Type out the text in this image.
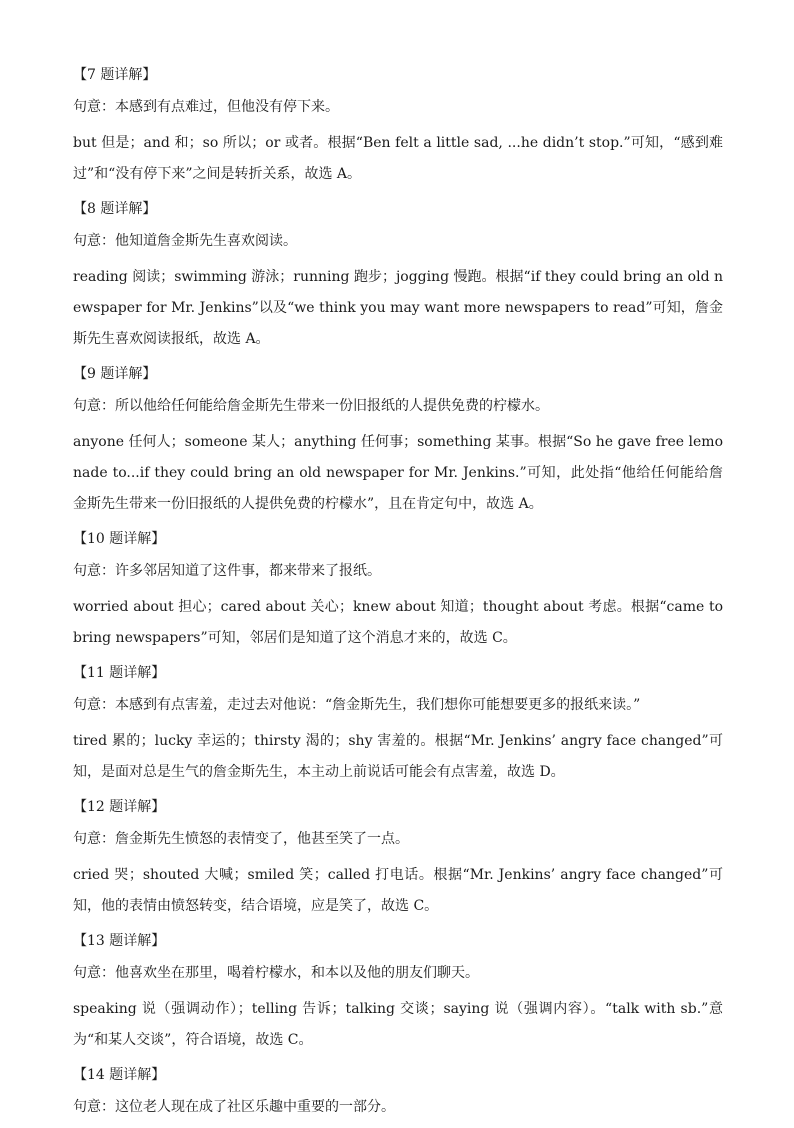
【7 题详解】

句意：本感到有点难过，但他没有停下来。

but 但是；and 和；so 所以；or 或者。根据“Ben felt a little sad, ...he didn’t stop.”可知，“感到难过”和“没有停下来”之间是转折关系，故选 A。

【8 题详解】

句意：他知道詹金斯先生喜欢阅读。

reading 阅读；swimming 游泳；running 跑步；jogging 慢跑。根据“if they could bring an old newspaper for Mr. Jenkins”以及“we think you may want more newspapers to read”可知，詹金斯先生喜欢阅读报纸，故选 A。

【9 题详解】

句意：所以他给任何能给詹金斯先生带来一份旧报纸的人提供免费的柠檬水。

anyone 任何人；someone 某人；anything 任何事；something 某事。根据“So he gave free lemonade to...if they could bring an old newspaper for Mr. Jenkins.”可知，此处指“他给任何能给詹金斯先生带来一份旧报纸的人提供免费的柠檬水”，且在肯定句中，故选 A。

【10 题详解】

句意：许多邻居知道了这件事，都来带来了报纸。

worried about 担心；cared about 关心；knew about 知道；thought about 考虑。根据“came to bring newspapers”可知，邻居们是知道了这个消息才来的，故选 C。

【11 题详解】

句意：本感到有点害羞，走过去对他说：“詹金斯先生，我们想你可能想要更多的报纸来读。”

tired 累的；lucky 幸运的；thirsty 渴的；shy 害羞的。根据“Mr. Jenkins’ angry face changed”可知，是面对总是生气的詹金斯先生，本主动上前说话可能会有点害羞，故选 D。

【12 题详解】

句意：詹金斯先生愤怒的表情变了，他甚至笑了一点。

cried 哭；shouted 大喊；smiled 笑；called 打电话。根据“Mr. Jenkins’ angry face changed”可知，他的表情由愤怒转变，结合语境，应是笑了，故选 C。

【13 题详解】

句意：他喜欢坐在那里，喝着柠檬水，和本以及他的朋友们聊天。

speaking 说（强调动作）；telling 告诉；talking 交谈；saying 说（强调内容）。“talk with sb.”意为“和某人交谈”，符合语境，故选 C。

【14 题详解】

句意：这位老人现在成了社区乐趣中重要的一部分。
